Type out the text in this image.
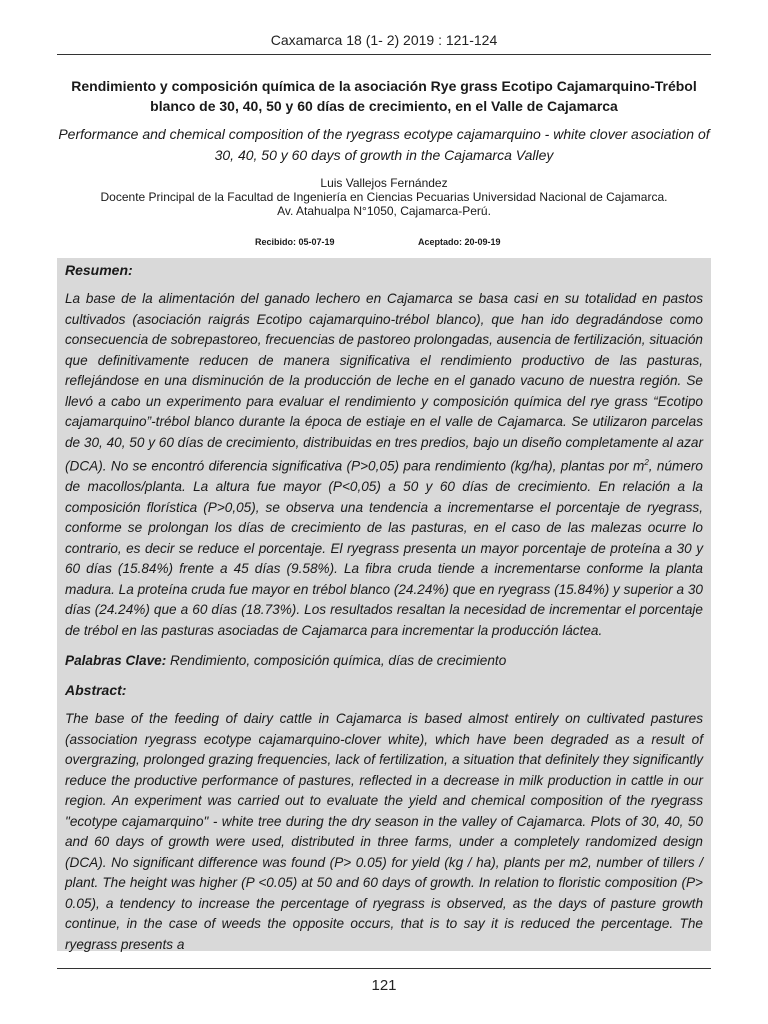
Caxamarca 18 (1- 2) 2019 : 121-124
Rendimiento y composición química de la asociación Rye grass Ecotipo Cajamarquino-Trébol blanco de 30, 40, 50 y 60 días de crecimiento, en el Valle de Cajamarca
Performance and chemical composition of the ryegrass ecotype cajamarquino - white clover asociation of 30, 40, 50 y 60 days of growth in the Cajamarca Valley
Luis Vallejos Fernández
Docente Principal de la Facultad de Ingeniería en Ciencias Pecuarias Universidad Nacional de Cajamarca.
Av. Atahualpa N°1050, Cajamarca-Perú.
Recibido: 05-07-19	Aceptado: 20-09-19
Resumen:

La base de la alimentación del ganado lechero en Cajamarca se basa casi en su totalidad en pastos cultivados (asociación raigrás Ecotipo cajamarquino-trébol blanco), que han ido degradándose como consecuencia de sobrepastoreo, frecuencias de pastoreo prolongadas, ausencia de fertilización, situación que definitivamente reducen de manera significativa el rendimiento productivo de las pasturas, reflejándose en una disminución de la producción de leche en el ganado vacuno de nuestra región. Se llevó a cabo un experimento para evaluar el rendimiento y composición química del rye grass “Ecotipo cajamarquino”-trébol blanco durante la época de estiaje en el valle de Cajamarca. Se utilizaron parcelas de 30, 40, 50 y 60 días de crecimiento, distribuidas en tres predios, bajo un diseño completamente al azar (DCA). No se encontró diferencia significativa (P>0,05) para rendimiento (kg/ha), plantas por $m^2$, número de macollos/planta. La altura fue mayor (P<0,05) a 50 y 60 días de crecimiento. En relación a la composición florística (P>0,05), se observa una tendencia a incrementarse el porcentaje de ryegrass, conforme se prolongan los días de crecimiento de las pasturas, en el caso de las malezas ocurre lo contrario, es decir se reduce el porcentaje. El ryegrass presenta un mayor porcentaje de proteína a 30 y 60 días (15.84%) frente a 45 días (9.58%). La fibra cruda tiende a incrementarse conforme la planta madura. La proteína cruda fue mayor en trébol blanco (24.24%) que en ryegrass (15.84%) y superior a 30 días (24.24%) que a 60 días (18.73%). Los resultados resaltan la necesidad de incrementar el porcentaje de trébol en las pasturas asociadas de Cajamarca para incrementar la producción láctea.

Palabras Clave: Rendimiento, composición química, días de crecimiento
Abstract:

The base of the feeding of dairy cattle in Cajamarca is based almost entirely on cultivated pastures (association ryegrass ecotype cajamarquino-clover white), which have been degraded as a result of overgrazing, prolonged grazing frequencies, lack of fertilization, a situation that definitely they significantly reduce the productive performance of pastures, reflected in a decrease in milk production in cattle in our region. An experiment was carried out to evaluate the yield and chemical composition of the ryegrass "ecotype cajamarquino" - white tree during the dry season in the valley of Cajamarca. Plots of 30, 40, 50 and 60 days of growth were used, distributed in three farms, under a completely randomized design (DCA). No significant difference was found (P> 0.05) for yield (kg / ha), plants per m2, number of tillers / plant. The height was higher (P <0.05) at 50 and 60 days of growth. In relation to floristic composition (P> 0.05), a tendency to increase the percentage of ryegrass is observed, as the days of pasture growth continue, in the case of weeds the opposite occurs, that is to say it is reduced the percentage. The ryegrass presents a

121
